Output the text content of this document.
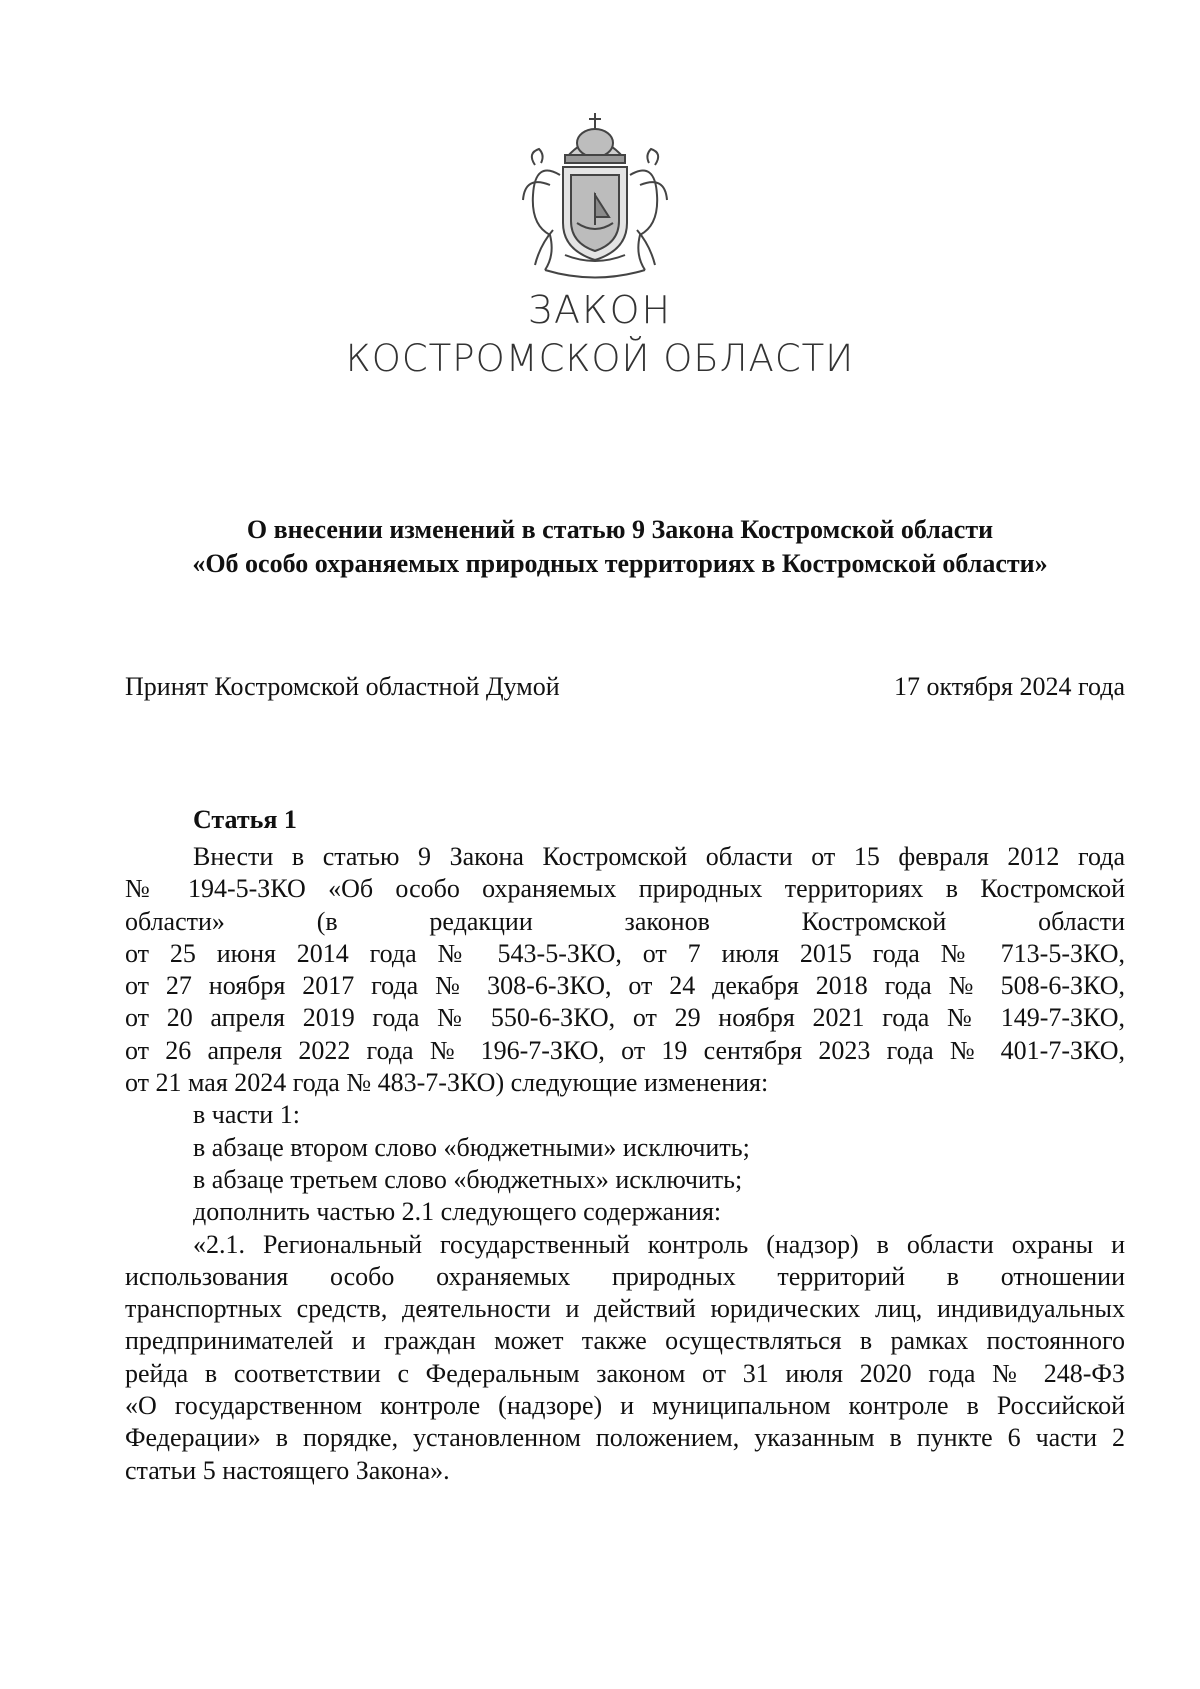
ЗАКОН
КОСТРОМСКОЙ ОБЛАСТИ
О внесении изменений в статью 9 Закона Костромской области
«Об особо охраняемых природных территориях в Костромской области»
Принят Костромской областной Думой	17 октября 2024 года
Статья 1
Внести в статью 9 Закона Костромской области от 15 февраля 2012 года
№ 194-5-ЗКО «Об особо охраняемых природных территориях в Костромской
области» (в редакции законов Костромской области
от 25 июня 2014 года № 543-5-ЗКО, от 7 июля 2015 года № 713-5-ЗКО,
от 27 ноября 2017 года № 308-6-ЗКО, от 24 декабря 2018 года № 508-6-ЗКО,
от 20 апреля 2019 года № 550-6-ЗКО, от 29 ноября 2021 года № 149-7-ЗКО,
от 26 апреля 2022 года № 196-7-ЗКО, от 19 сентября 2023 года № 401-7-ЗКО,
от 21 мая 2024 года № 483-7-ЗКО) следующие изменения:
в части 1:
в абзаце втором слово «бюджетными» исключить;
в абзаце третьем слово «бюджетных» исключить;
дополнить частью 2.1 следующего содержания:
«2.1. Региональный государственный контроль (надзор) в области охраны и
использования особо охраняемых природных территорий в отношении
транспортных средств, деятельности и действий юридических лиц, индивидуальных
предпринимателей и граждан может также осуществляться в рамках постоянного
рейда в соответствии с Федеральным законом от 31 июля 2020 года № 248-ФЗ
«О государственном контроле (надзоре) и муниципальном контроле в Российской
Федерации» в порядке, установленном положением, указанным в пункте 6 части 2
статьи 5 настоящего Закона».
